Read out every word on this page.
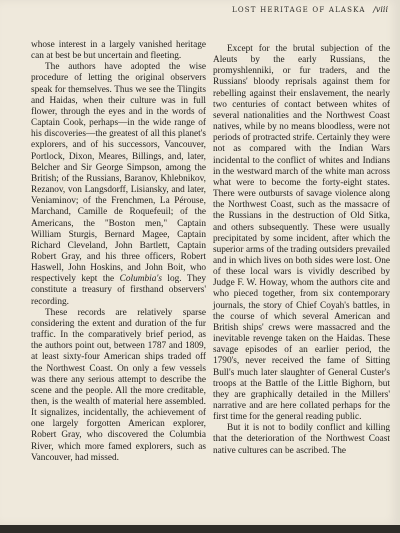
LOST HERITAGE OF ALASKA /viii

whose interest in a largely vanished heritage can at best be but uncertain and fleeting.

The authors have adopted the wise procedure of letting the original observers speak for themselves. Thus we see the Tlingits and Haidas, when their culture was in full flower, through the eyes and in the words of Captain Cook, perhaps—in the wide range of his discoveries—the greatest of all this planet's explorers, and of his successors, Vancouver, Portlock, Dixon, Meares, Billings, and, later, Belcher and Sir George Simpson, among the British; of the Russians, Baranov, Khlebnikov, Rezanov, von Langsdorff, Lisiansky, and later, Veniaminov; of the Frenchmen, La Pérouse, Marchand, Camille de Roquefeuil; of the Americans, the "Boston men," Captain William Sturgis, Bernard Magee, Captain Richard Cleveland, John Bartlett, Captain Robert Gray, and his three officers, Robert Haswell, John Hoskins, and John Boit, who respectively kept the Columbia's log. They constitute a treasury of firsthand observers' recording.

These records are relatively sparse considering the extent and duration of the fur traffic. In the comparatively brief period, as the authors point out, between 1787 and 1809, at least sixty-four American ships traded off the Northwest Coast. On only a few vessels was there any serious attempt to describe the scene and the people. All the more creditable, then, is the wealth of material here assembled. It signalizes, incidentally, the achievement of one largely forgotten American explorer, Robert Gray, who discovered the Columbia River, which more famed explorers, such as Vancouver, had missed.

Except for the brutal subjection of the Aleuts by the early Russians, the promyshlenniki, or fur traders, and the Russians' bloody reprisals against them for rebelling against their enslavement, the nearly two centuries of contact between whites of several nationalities and the Northwest Coast natives, while by no means bloodless, were not periods of protracted strife. Certainly they were not as compared with the Indian Wars incidental to the conflict of whites and Indians in the westward march of the white man across what were to become the forty-eight states. There were outbursts of savage violence along the Northwest Coast, such as the massacre of the Russians in the destruction of Old Sitka, and others subsequently. These were usually precipitated by some incident, after which the superior arms of the trading outsiders prevailed and in which lives on both sides were lost. One of these local wars is vividly described by Judge F. W. Howay, whom the authors cite and who pieced together, from six contemporary journals, the story of Chief Coyah's battles, in the course of which several American and British ships' crews were massacred and the inevitable revenge taken on the Haidas. These savage episodes of an earlier period, the 1790's, never received the fame of Sitting Bull's much later slaughter of General Custer's troops at the Battle of the Little Bighorn, but they are graphically detailed in the Millers' narrative and are here collated perhaps for the first time for the general reading public.

But it is not to bodily conflict and killing that the deterioration of the Northwest Coast native cultures can be ascribed. The
